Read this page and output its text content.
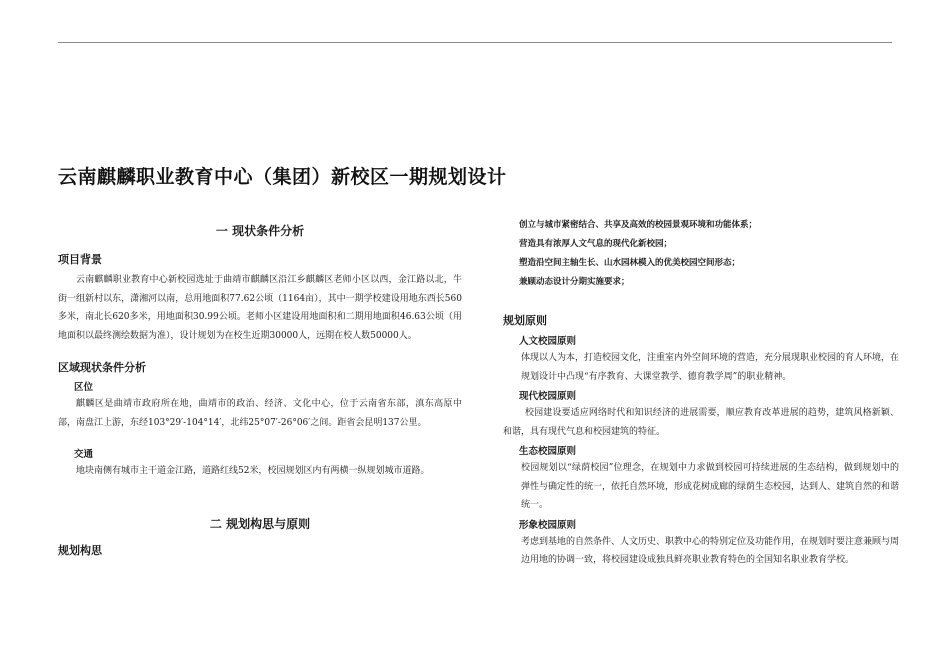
云南麒麟职业教育中心（集团）新校区一期规划设计
一 现状条件分析
项目背景

云南麒麟职业教育中心新校园选址于曲靖市麒麟区沿江乡麒麟区老师小区以西，金江路以北，牛街一组新村以东，潇湘河以南，总用地面积77.62公顷（1164亩），其中一期学校建设用地东西长560多米，南北长620多米，用地面积30.99公顷。老师小区建设用地面积和二期用地面积46.63公顷（用地面积以最终测绘数据为准），设计规划为在校生近期30000人，远期在校人数50000人。

区域现状条件分析
区位

麒麟区是曲靖市政府所在地，曲靖市的政治、经济、文化中心，位于云南省东部，滇东高原中部，南盘江上游，东经103°29′-104°14′，北纬25°07′-26°06′之间。距省会昆明137公里。

交通

地块南侧有城市主干道金江路，道路红线52米，校园规划区内有两横一纵规划城市道路。

二 规划构思与原则
规划构思

创立与城市紧密结合、共享及高效的校园景观环境和功能体系；

营造具有浓厚人文气息的现代化新校园；

塑造沿空间主轴生长、山水园林模入的优美校园空间形态；

兼顾动态设计分期实施要求；

规划原则
人文校园原则

体现以人为本，打造校园文化，注重室内外空间环境的营造，充分展现职业校园的育人环境，在规划设计中凸现“有序教育、大课堂教学、德育教学周”的职业精神。

现代校园原则

校园建设要适应网络时代和知识经济的进展需要，顺应教育改革进展的趋势，建筑风格新颖、和谐，具有现代气息和校园建筑的特征。

生态校园原则

校园规划以“绿荫校园”位理念，在规划中力求做到校园可持续进展的生态结构，做到规划中的弹性与确定性的统一，依托自然环境，形成花树成廊的绿荫生态校园，达到人、建筑自然的和谐统一。

形象校园原则

考虑到基地的自然条件、人文历史、职教中心的特别定位及功能作用，在规划时要注意兼顾与周边用地的协调一致，将校园建设成独具鲜亮职业教育特色的全国知名职业教育学校。
